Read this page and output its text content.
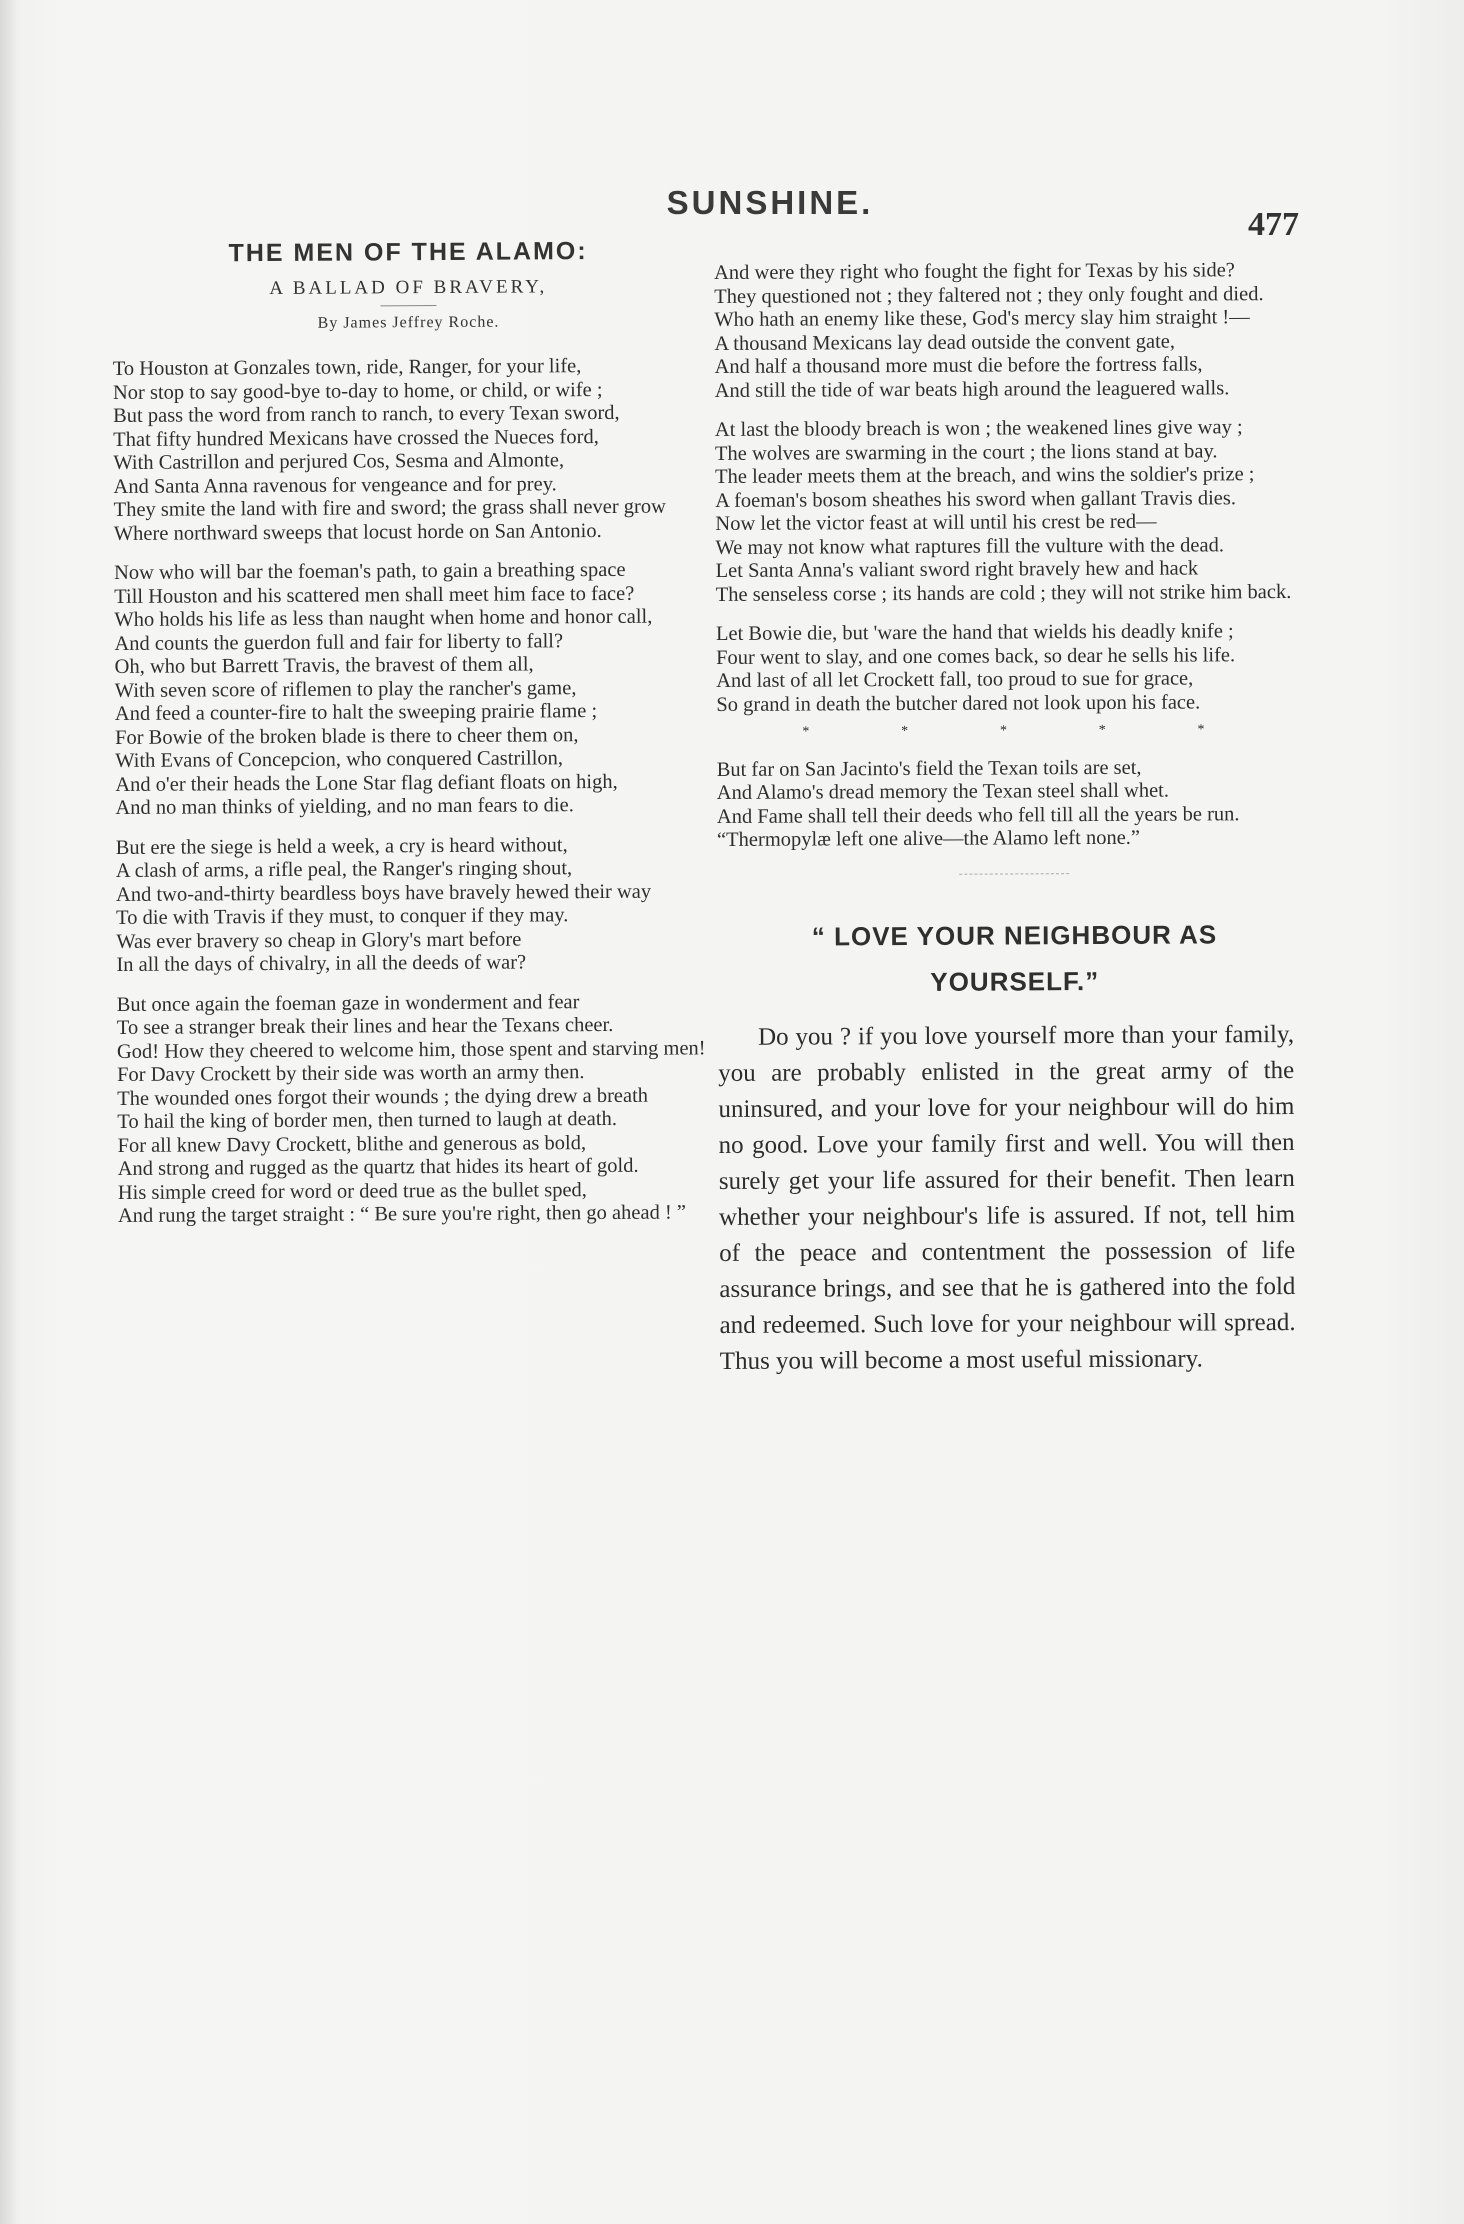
SUNSHINE.
477
THE MEN OF THE ALAMO:
A BALLAD OF BRAVERY,
By James Jeffrey Roche.
To Houston at Gonzales town, ride, Ranger, for your life,
Nor stop to say good-bye to-day to home, or child, or wife ;
But pass the word from ranch to ranch, to every Texan sword,
That fifty hundred Mexicans have crossed the Nueces ford,
With Castrillon and perjured Cos, Sesma and Almonte,
And Santa Anna ravenous for vengeance and for prey.
They smite the land with fire and sword; the grass shall never grow
Where northward sweeps that locust horde on San Antonio.
Now who will bar the foeman's path, to gain a breathing space
Till Houston and his scattered men shall meet him face to face?
Who holds his life as less than naught when home and honor call,
And counts the guerdon full and fair for liberty to fall?
Oh, who but Barrett Travis, the bravest of them all,
With seven score of riflemen to play the rancher's game,
And feed a counter-fire to halt the sweeping prairie flame ;
For Bowie of the broken blade is there to cheer them on,
With Evans of Concepcion, who conquered Castrillon,
And o'er their heads the Lone Star flag defiant floats on high,
And no man thinks of yielding, and no man fears to die.
But ere the siege is held a week, a cry is heard without,
A clash of arms, a rifle peal, the Ranger's ringing shout,
And two-and-thirty beardless boys have bravely hewed their way
To die with Travis if they must, to conquer if they may.
Was ever bravery so cheap in Glory's mart before
In all the days of chivalry, in all the deeds of war?
But once again the foeman gaze in wonderment and fear
To see a stranger break their lines and hear the Texans cheer.
God! How they cheered to welcome him, those spent and starving men!
For Davy Crockett by their side was worth an army then.
The wounded ones forgot their wounds ; the dying drew a breath
To hail the king of border men, then turned to laugh at death.
For all knew Davy Crockett, blithe and generous as bold,
And strong and rugged as the quartz that hides its heart of gold.
His simple creed for word or deed true as the bullet sped,
And rung the target straight : “ Be sure you're right, then go ahead ! ”
And were they right who fought the fight for Texas by his side?
They questioned not ; they faltered not ; they only fought and died.
Who hath an enemy like these, God's mercy slay him straight !—
A thousand Mexicans lay dead outside the convent gate,
And half a thousand more must die before the fortress falls,
And still the tide of war beats high around the leaguered walls.
At last the bloody breach is won ; the weakened lines give way ;
The wolves are swarming in the court ; the lions stand at bay.
The leader meets them at the breach, and wins the soldier's prize ;
A foeman's bosom sheathes his sword when gallant Travis dies.
Now let the victor feast at will until his crest be red—
We may not know what raptures fill the vulture with the dead.
Let Santa Anna's valiant sword right bravely hew and hack
The senseless corse ; its hands are cold ; they will not strike him back.
Let Bowie die, but 'ware the hand that wields his deadly knife ;
Four went to slay, and one comes back, so dear he sells his life.
And last of all let Crockett fall, too proud to sue for grace,
So grand in death the butcher dared not look upon his face.
*	*	*	*	*
But far on San Jacinto's field the Texan toils are set,
And Alamo's dread memory the Texan steel shall whet.
And Fame shall tell their deeds who fell till all the years be run.
“Thermopylæ left one alive—the Alamo left none.”
“ LOVE YOUR NEIGHBOUR AS
YOURSELF.”

Do you ? if you love yourself more than your family, you are probably enlisted in the great army of the uninsured, and your love for your neighbour will do him no good. Love your family first and well. You will then surely get your life assured for their benefit. Then learn whether your neighbour's life is assured. If not, tell him of the peace and contentment the possession of life assurance brings, and see that he is gathered into the fold and redeemed. Such love for your neighbour will spread. Thus you will become a most useful missionary.
